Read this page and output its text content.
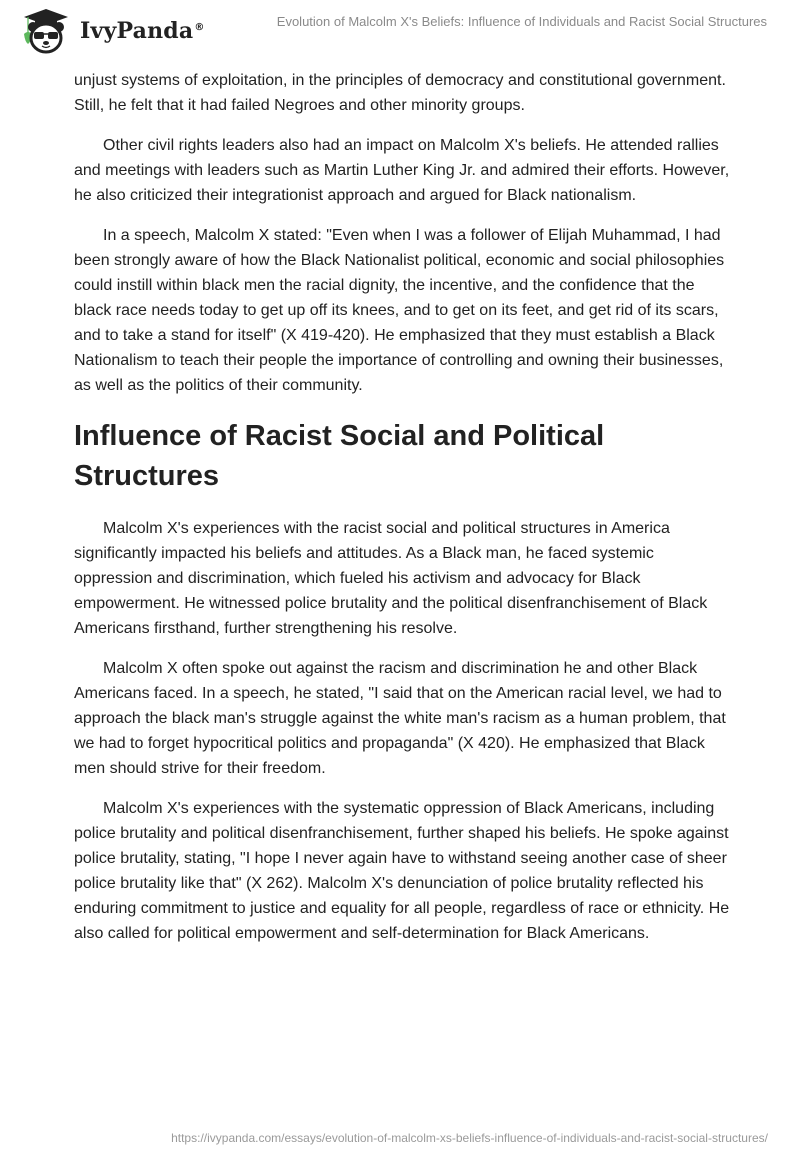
IvyPanda®	Evolution of Malcolm X's Beliefs: Influence of Individuals and Racist Social Structures

unjust systems of exploitation, in the principles of democracy and constitutional government. Still, he felt that it had failed Negroes and other minority groups.

Other civil rights leaders also had an impact on Malcolm X's beliefs. He attended rallies and meetings with leaders such as Martin Luther King Jr. and admired their efforts. However, he also criticized their integrationist approach and argued for Black nationalism.

In a speech, Malcolm X stated: "Even when I was a follower of Elijah Muhammad, I had been strongly aware of how the Black Nationalist political, economic and social philosophies could instill within black men the racial dignity, the incentive, and the confidence that the black race needs today to get up off its knees, and to get on its feet, and get rid of its scars, and to take a stand for itself" (X 419-420). He emphasized that they must establish a Black Nationalism to teach their people the importance of controlling and owning their businesses, as well as the politics of their community.

Influence of Racist Social and Political Structures

Malcolm X's experiences with the racist social and political structures in America significantly impacted his beliefs and attitudes. As a Black man, he faced systemic oppression and discrimination, which fueled his activism and advocacy for Black empowerment. He witnessed police brutality and the political disenfranchisement of Black Americans firsthand, further strengthening his resolve.

Malcolm X often spoke out against the racism and discrimination he and other Black Americans faced. In a speech, he stated, "I said that on the American racial level, we had to approach the black man's struggle against the white man's racism as a human problem, that we had to forget hypocritical politics and propaganda" (X 420). He emphasized that Black men should strive for their freedom.

Malcolm X's experiences with the systematic oppression of Black Americans, including police brutality and political disenfranchisement, further shaped his beliefs. He spoke against police brutality, stating, "I hope I never again have to withstand seeing another case of sheer police brutality like that" (X 262). Malcolm X's denunciation of police brutality reflected his enduring commitment to justice and equality for all people, regardless of race or ethnicity. He also called for political empowerment and self-determination for Black Americans.

https://ivypanda.com/essays/evolution-of-malcolm-xs-beliefs-influence-of-individuals-and-racist-social-structures/
